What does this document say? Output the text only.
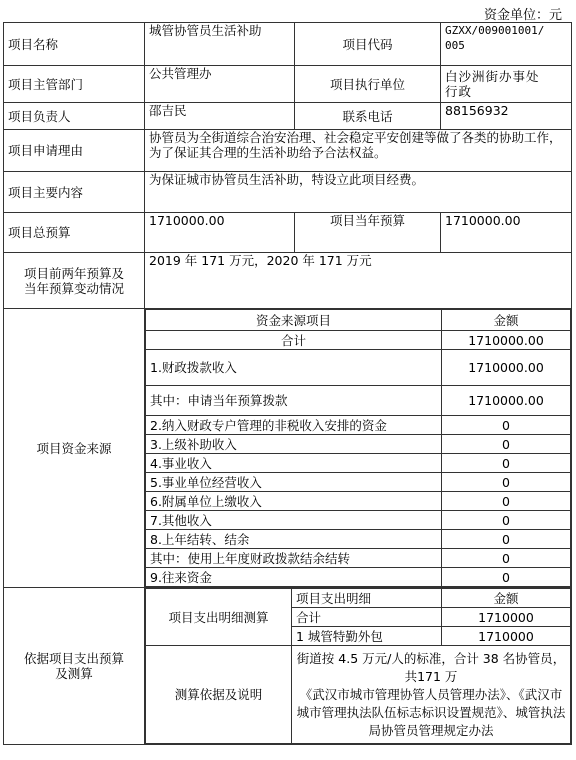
资金单位：元
项目名称	城管协管员生活补助	项目代码	GZXX/009001001/
005
项目主管部门	公共管理办	项目执行单位	白沙洲街办事处
行政
项目负责人	邵吉民	联系电话	88156932
项目申请理由	协管员为全街道综合治安治理、社会稳定平安创建等做了各类的协助工作，为了保证其合理的生活补助给予合法权益。
项目主要内容	为保证城市协管员生活补助，特设立此项目经费。
项目总预算	1710000.00	项目当年预算	1710000.00
项目前两年预算及
当年预算变动情况	2019 年 171 万元，2020 年 171 万元
项目资金来源	
资金来源项目	金额
合计	1710000.00
1.财政拨款收入	1710000.00
其中：申请当年预算拨款	1710000.00
2.纳入财政专户管理的非税收入安排的资金	0
3.上级补助收入	0
4.事业收入	0
5.事业单位经营收入	0
6.附属单位上缴收入	0
7.其他收入	0
8.上年结转、结余	0
其中：使用上年度财政拨款结余结转	0
9.往来资金	0

依据项目支出预算
及测算	
项目支出明细测算	项目支出明细	金额
合计	1710000
1 城管特勤外包	1710000
测算依据及说明	街道按 4.5 万元/人的标准，合计 38 名协管员，共171 万
《武汉市城市管理协管人员管理办法》、《武汉市城市管理执法队伍标志标识设置规范》、城管执法局协管员管理规定办法
